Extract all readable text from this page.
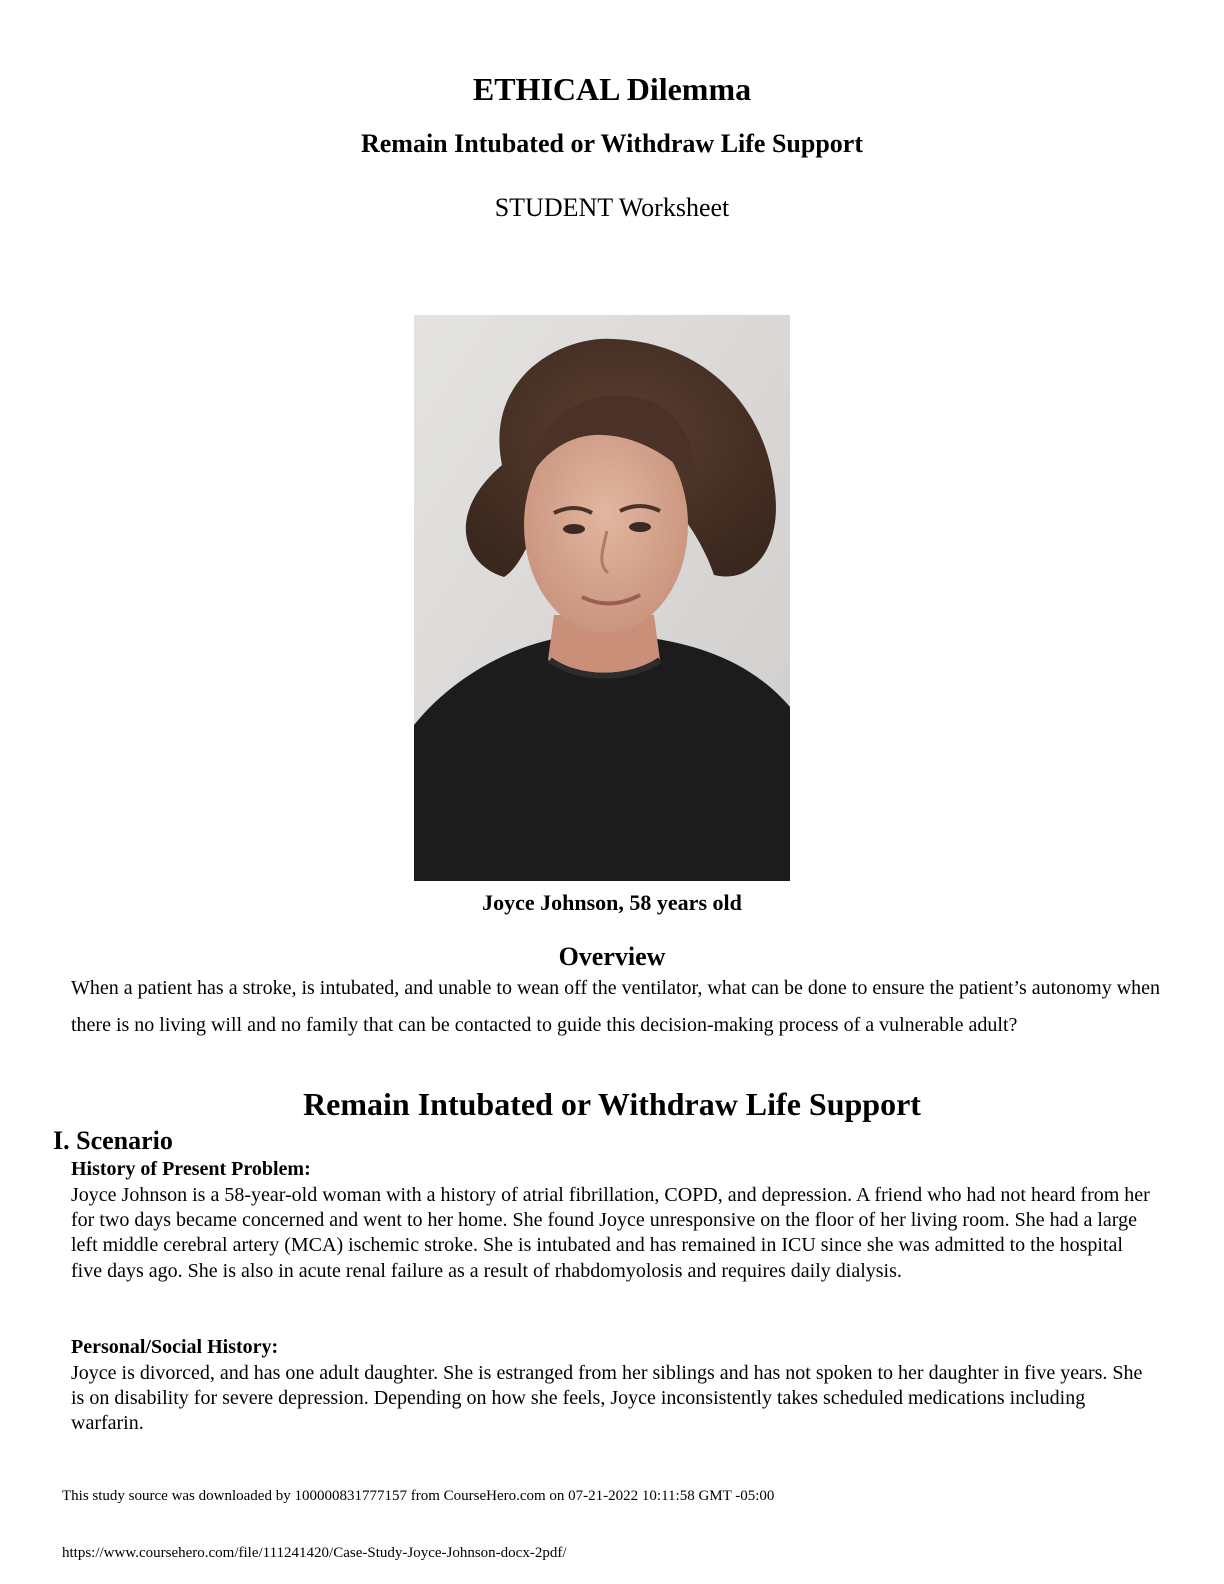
ETHICAL Dilemma
Remain Intubated or Withdraw Life Support
STUDENT Worksheet
Joyce Johnson, 58 years old
Overview
When a patient has a stroke, is intubated, and unable to wean off the ventilator, what can be done to ensure the patient’s autonomy when there is no living will and no family that can be contacted to guide this decision-making process of a vulnerable adult?
Remain Intubated or Withdraw Life Support
I. Scenario
History of Present Problem:
Joyce Johnson is a 58-year-old woman with a history of atrial fibrillation, COPD, and depression. A friend who had not heard from her for two days became concerned and went to her home. She found Joyce unresponsive on the floor of her living room. She had a large left middle cerebral artery (MCA) ischemic stroke. She is intubated and has remained in ICU since she was admitted to the hospital five days ago. She is also in acute renal failure as a result of rhabdomyolosis and requires daily dialysis.
Personal/Social History:
Joyce is divorced, and has one adult daughter. She is estranged from her siblings and has not spoken to her daughter in five years. She is on disability for severe depression. Depending on how she feels, Joyce inconsistently takes scheduled medications including warfarin.
This study source was downloaded by 100000831777157 from CourseHero.com on 07-21-2022 10:11:58 GMT -05:00
https://www.coursehero.com/file/111241420/Case-Study-Joyce-Johnson-docx-2pdf/
